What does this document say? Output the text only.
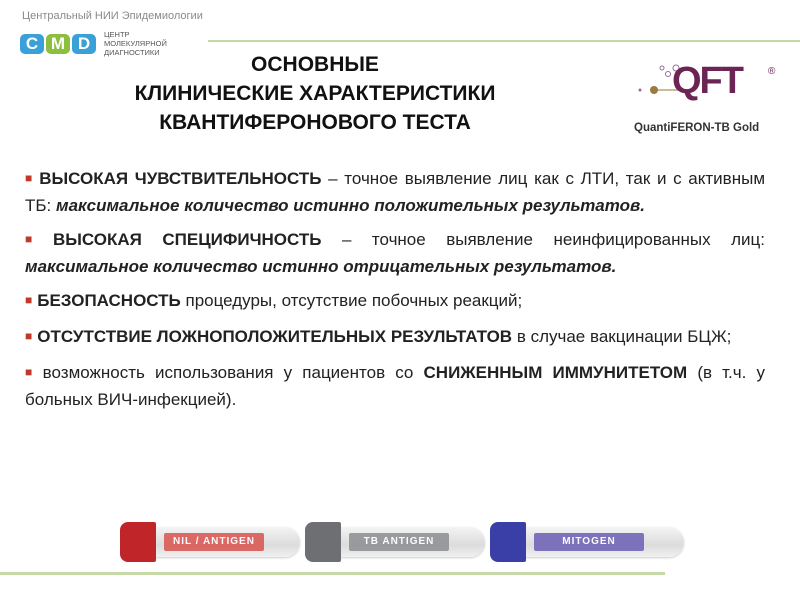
Центральный НИИ Эпидемиологии
C M D	ЦЕНТР
МОЛЕКУЛЯРНОЙ
ДИАГНОСТИКИ
ОСНОВНЫЕ
КЛИНИЧЕСКИЕ ХАРАКТЕРИСТИКИ
КВАНТИФЕРОНОВОГО ТЕСТА
QFT	®
QuantiFERON-TB Gold

■ ВЫСОКАЯ ЧУВСТВИТЕЛЬНОСТЬ – точное выявление лиц как с ЛТИ, так и с активным ТБ: максимальное количество истинно положительных результатов.

■ ВЫСОКАЯ СПЕЦИФИЧНОСТЬ – точное выявление неинфицированных лиц: максимальное количество истинно отрицательных результатов.

■ БЕЗОПАСНОСТЬ процедуры, отсутствие побочных реакций;

■ ОТСУТСТВИЕ ЛОЖНОПОЛОЖИТЕЛЬНЫХ РЕЗУЛЬТАТОВ в случае вакцинации БЦЖ;

■ возможность использования у пациентов со СНИЖЕННЫМ ИММУНИТЕТОМ (в т.ч. у больных ВИЧ-инфекцией).

NIL / ANTIGEN	TB ANTIGEN	MITOGEN
